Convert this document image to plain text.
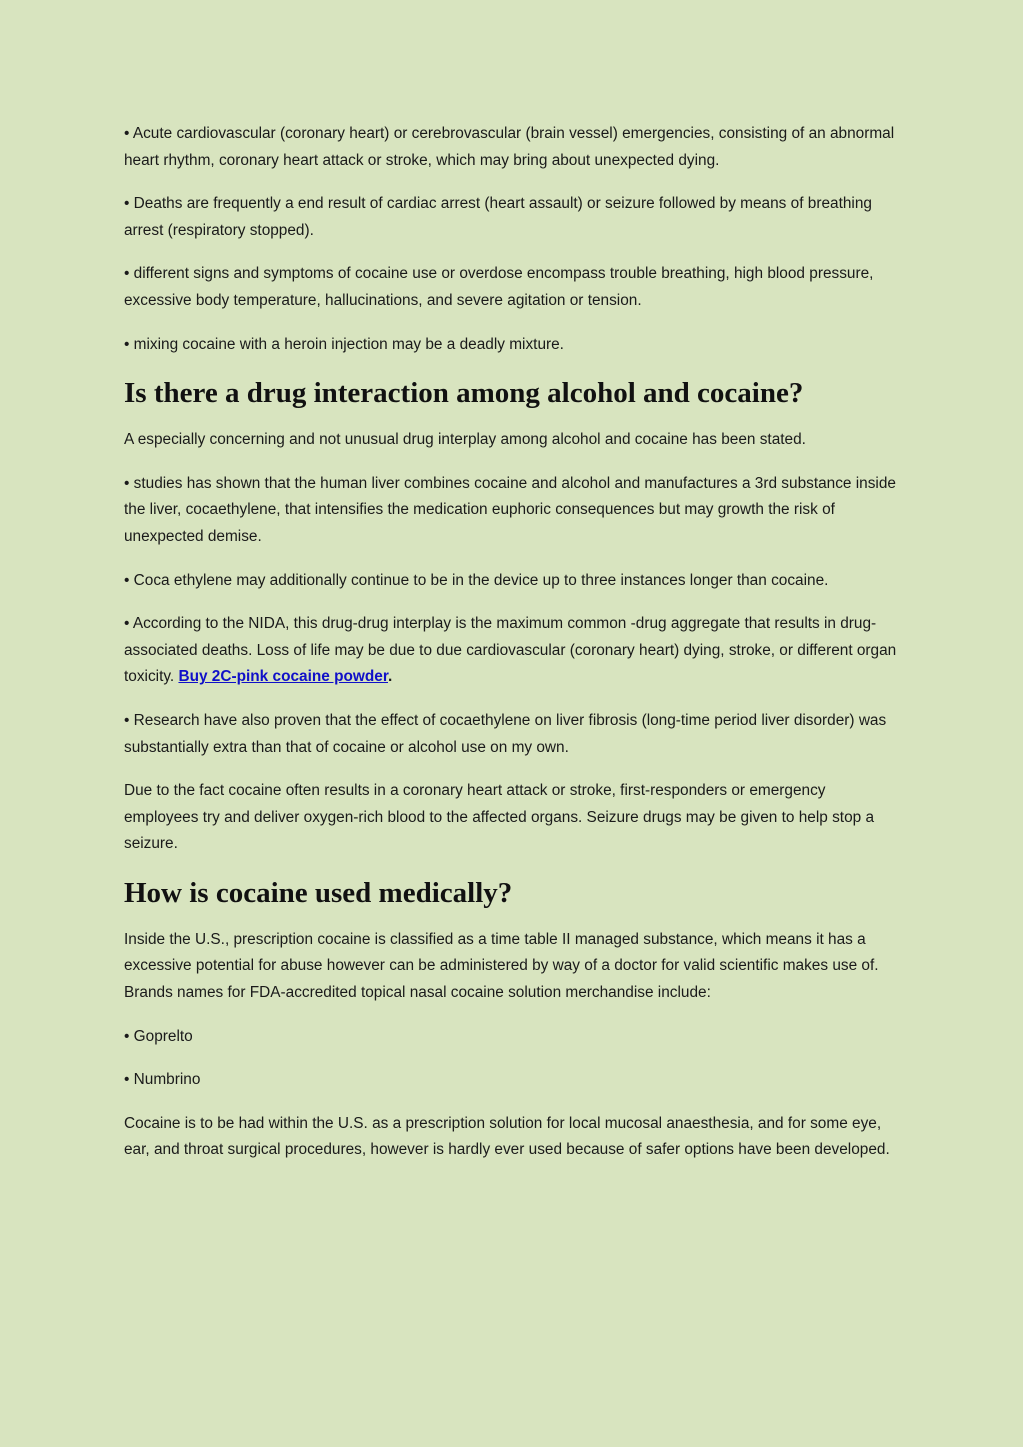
• Acute cardiovascular (coronary heart) or cerebrovascular (brain vessel) emergencies, consisting of an abnormal heart rhythm, coronary heart attack or stroke, which may bring about unexpected dying.

• Deaths are frequently a end result of cardiac arrest (heart assault) or seizure followed by means of breathing arrest (respiratory stopped).

• different signs and symptoms of cocaine use or overdose encompass trouble breathing, high blood pressure, excessive body temperature, hallucinations, and severe agitation or tension.

• mixing cocaine with a heroin injection may be a deadly mixture.

Is there a drug interaction among alcohol and cocaine?

A especially concerning and not unusual drug interplay among alcohol and cocaine has been stated.

• studies has shown that the human liver combines cocaine and alcohol and manufactures a 3rd substance inside the liver, cocaethylene, that intensifies the medication euphoric consequences but may growth the risk of unexpected demise.

• Coca ethylene may additionally continue to be in the device up to three instances longer than cocaine.

• According to the NIDA, this drug-drug interplay is the maximum common -drug aggregate that results in drug-associated deaths. Loss of life may be due to due cardiovascular (coronary heart) dying, stroke, or different organ toxicity. Buy 2C-pink cocaine powder.

• Research have also proven that the effect of cocaethylene on liver fibrosis (long-time period liver disorder) was substantially extra than that of cocaine or alcohol use on my own.

Due to the fact cocaine often results in a coronary heart attack or stroke, first-responders or emergency employees try and deliver oxygen-rich blood to the affected organs. Seizure drugs may be given to help stop a seizure.

How is cocaine used medically?

Inside the U.S., prescription cocaine is classified as a time table II managed substance, which means it has a excessive potential for abuse however can be administered by way of a doctor for valid scientific makes use of. Brands names for FDA-accredited topical nasal cocaine solution merchandise include:

• Goprelto

• Numbrino

Cocaine is to be had within the U.S. as a prescription solution for local mucosal anaesthesia, and for some eye, ear, and throat surgical procedures, however is hardly ever used because of safer options have been developed.
